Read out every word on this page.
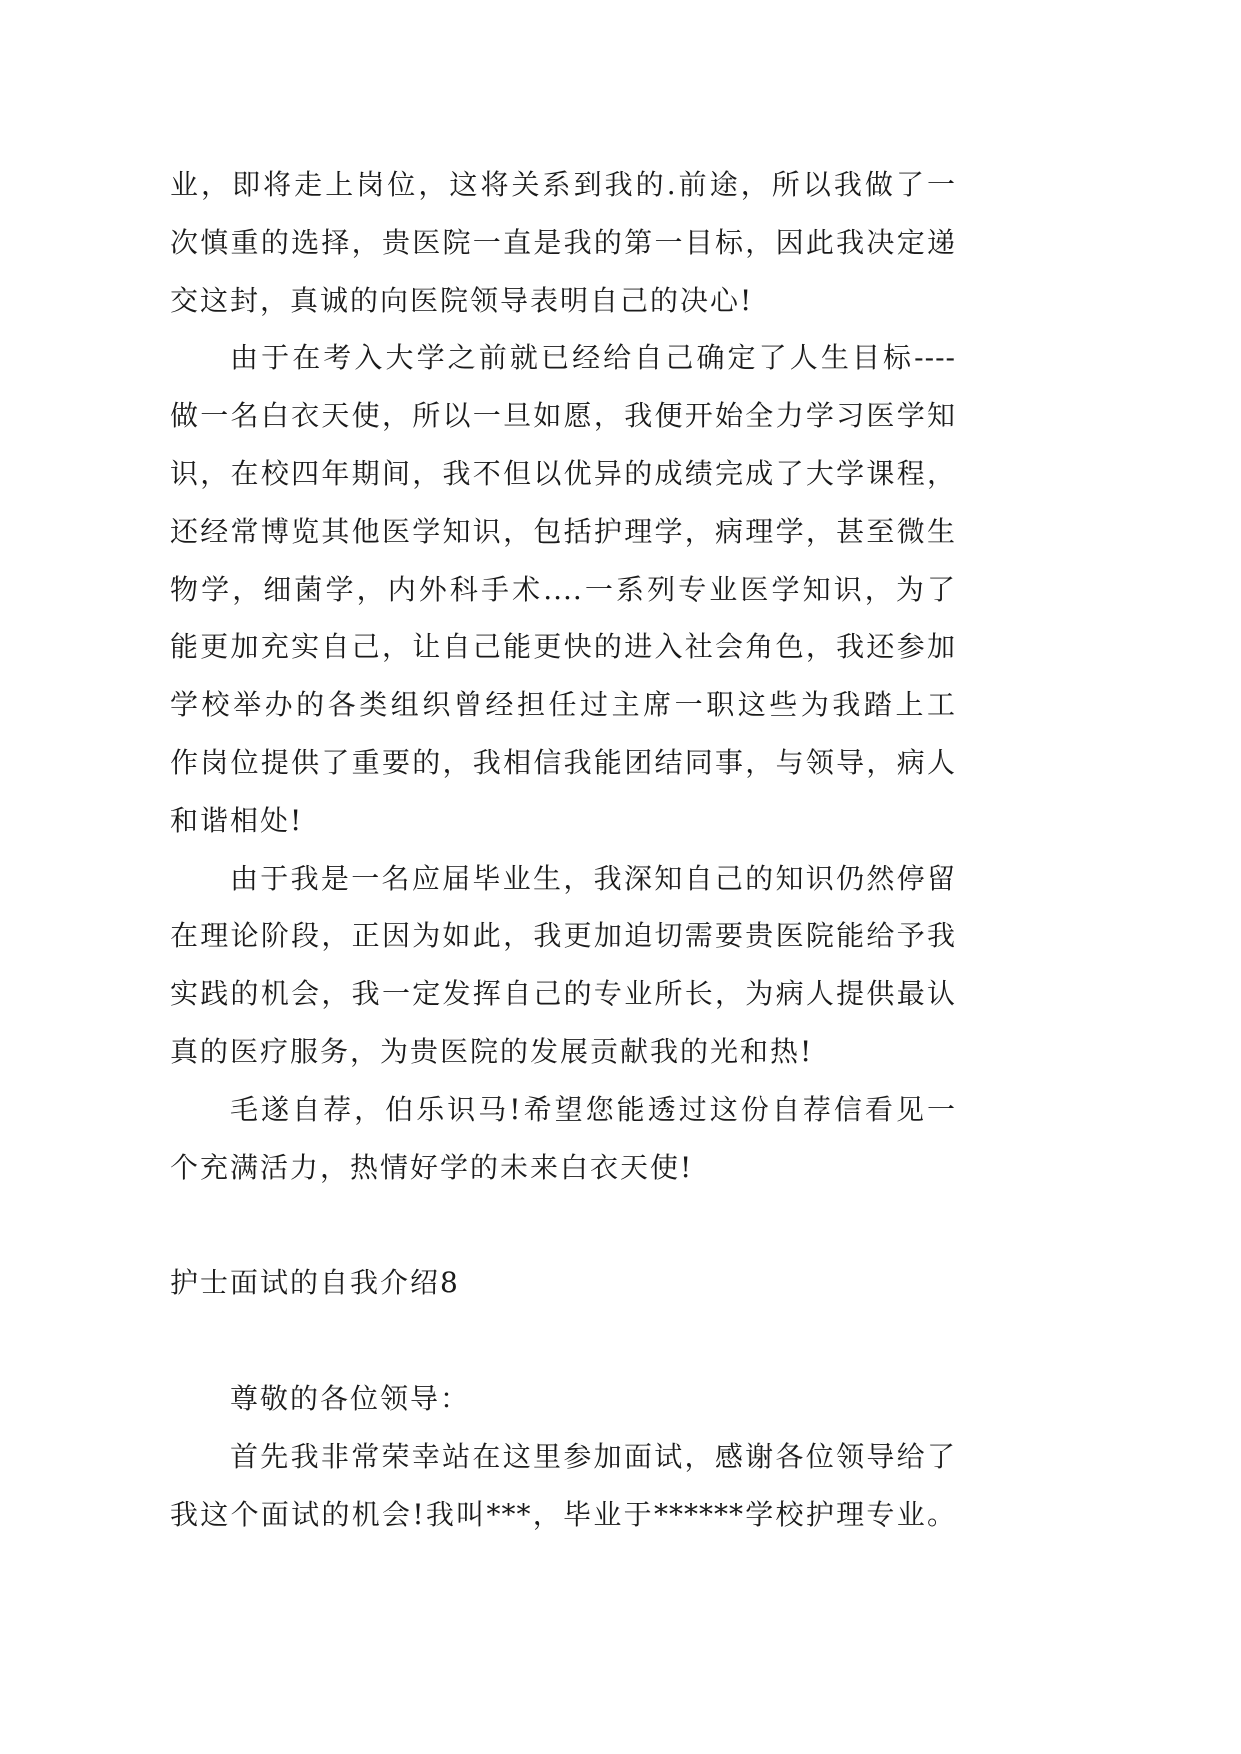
业，即将走上岗位，这将关系到我的.前途，所以我做了一
次慎重的选择，贵医院一直是我的第一目标，因此我决定递
交这封，真诚的向医院领导表明自己的决心!
由于在考入大学之前就已经给自己确定了人生目标----
做一名白衣天使，所以一旦如愿，我便开始全力学习医学知
识，在校四年期间，我不但以优异的成绩完成了大学课程，
还经常博览其他医学知识，包括护理学，病理学，甚至微生
物学，细菌学，内外科手术....一系列专业医学知识，为了
能更加充实自己，让自己能更快的进入社会角色，我还参加
学校举办的各类组织曾经担任过主席一职这些为我踏上工
作岗位提供了重要的，我相信我能团结同事，与领导，病人
和谐相处!
由于我是一名应届毕业生，我深知自己的知识仍然停留
在理论阶段，正因为如此，我更加迫切需要贵医院能给予我
实践的机会，我一定发挥自己的专业所长，为病人提供最认
真的医疗服务，为贵医院的发展贡献我的光和热!
毛遂自荐，伯乐识马!希望您能透过这份自荐信看见一
个充满活力，热情好学的未来白衣天使!
护士面试的自我介绍8
尊敬的各位领导：
首先我非常荣幸站在这里参加面试，感谢各位领导给了
我这个面试的机会!我叫***，毕业于******学校护理专业。
